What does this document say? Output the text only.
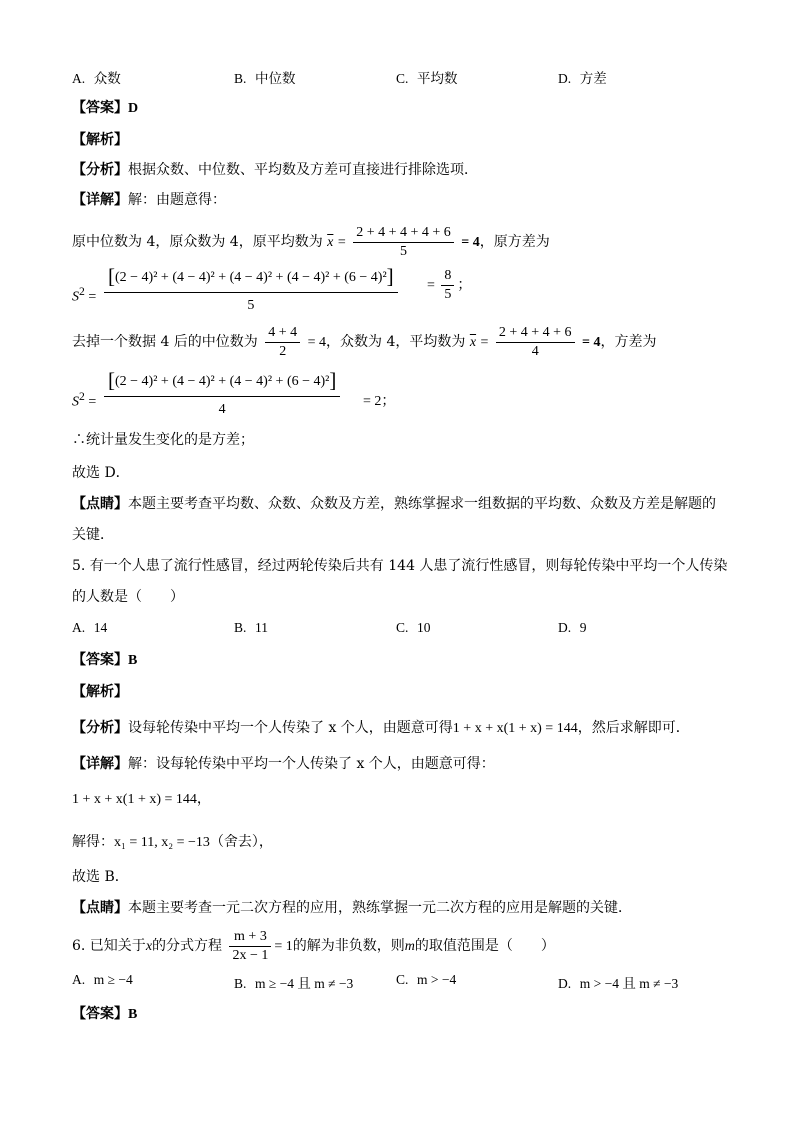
A. 众数	B. 中位数	C. 平均数	D. 方差
【答案】D
【解析】
【分析】根据众数、中位数、平均数及方差可直接进行排除选项．
【详解】解：由题意得：
原中位数为 4，原众数为 4，原平均数为 $\overline{x} = \frac{2 + 4 + 4 + 4 + 6}{5} = 4$，原方差为
$S^2 = \frac{\text{[(2 − 4)² + (4 − 4)² + (4 − 4)² + (4 − 4)² + (6 − 4)²]}}{5} = \frac{8}{5}$ ；
去掉一个数据 4 后的中位数为 $\frac{4 + 4}{2} = 4$，众数为 4，平均数为 $\overline{x} = \frac{2 + 4 + 4 + 6}{4} = 4$，方差为
$S^2 = \frac{\text{[(2 − 4)² + (4 − 4)² + (4 − 4)² + (6 − 4)²]}}{4} = 2$；
∴统计量发生变化的是方差；
故选 D．
【点睛】本题主要考查平均数、众数、众数及方差，熟练掌握求一组数据的平均数、众数及方差是解题的
关键．
5. 有一个人患了流行性感冒，经过两轮传染后共有 144 人患了流行性感冒，则每轮传染中平均一个人传染
的人数是（　　）
A. 14	B. 11	C. 10	D. 9
【答案】B
【解析】
【分析】设每轮传染中平均一个人传染了 x 个人，由题意可得1 + x + x(1 + x) = 144，然后求解即可．
【详解】解：设每轮传染中平均一个人传染了 x 个人，由题意可得：
1 + x + x(1 + x) = 144，
解得：x₁ = 11, x₂ = −13（舍去），
故选 B．
【点睛】本题主要考查一元二次方程的应用，熟练掌握一元二次方程的应用是解题的关键．
6. 已知关于x的分式方程 $\frac{m + 3}{2x - 1} = 1$的解为非负数，则m的取值范围是（　　）
A. m ≥ −4	B. m ≥ −4 且 m ≠ −3	C. m > −4	D. m > −4 且 m ≠ −3
【答案】B
